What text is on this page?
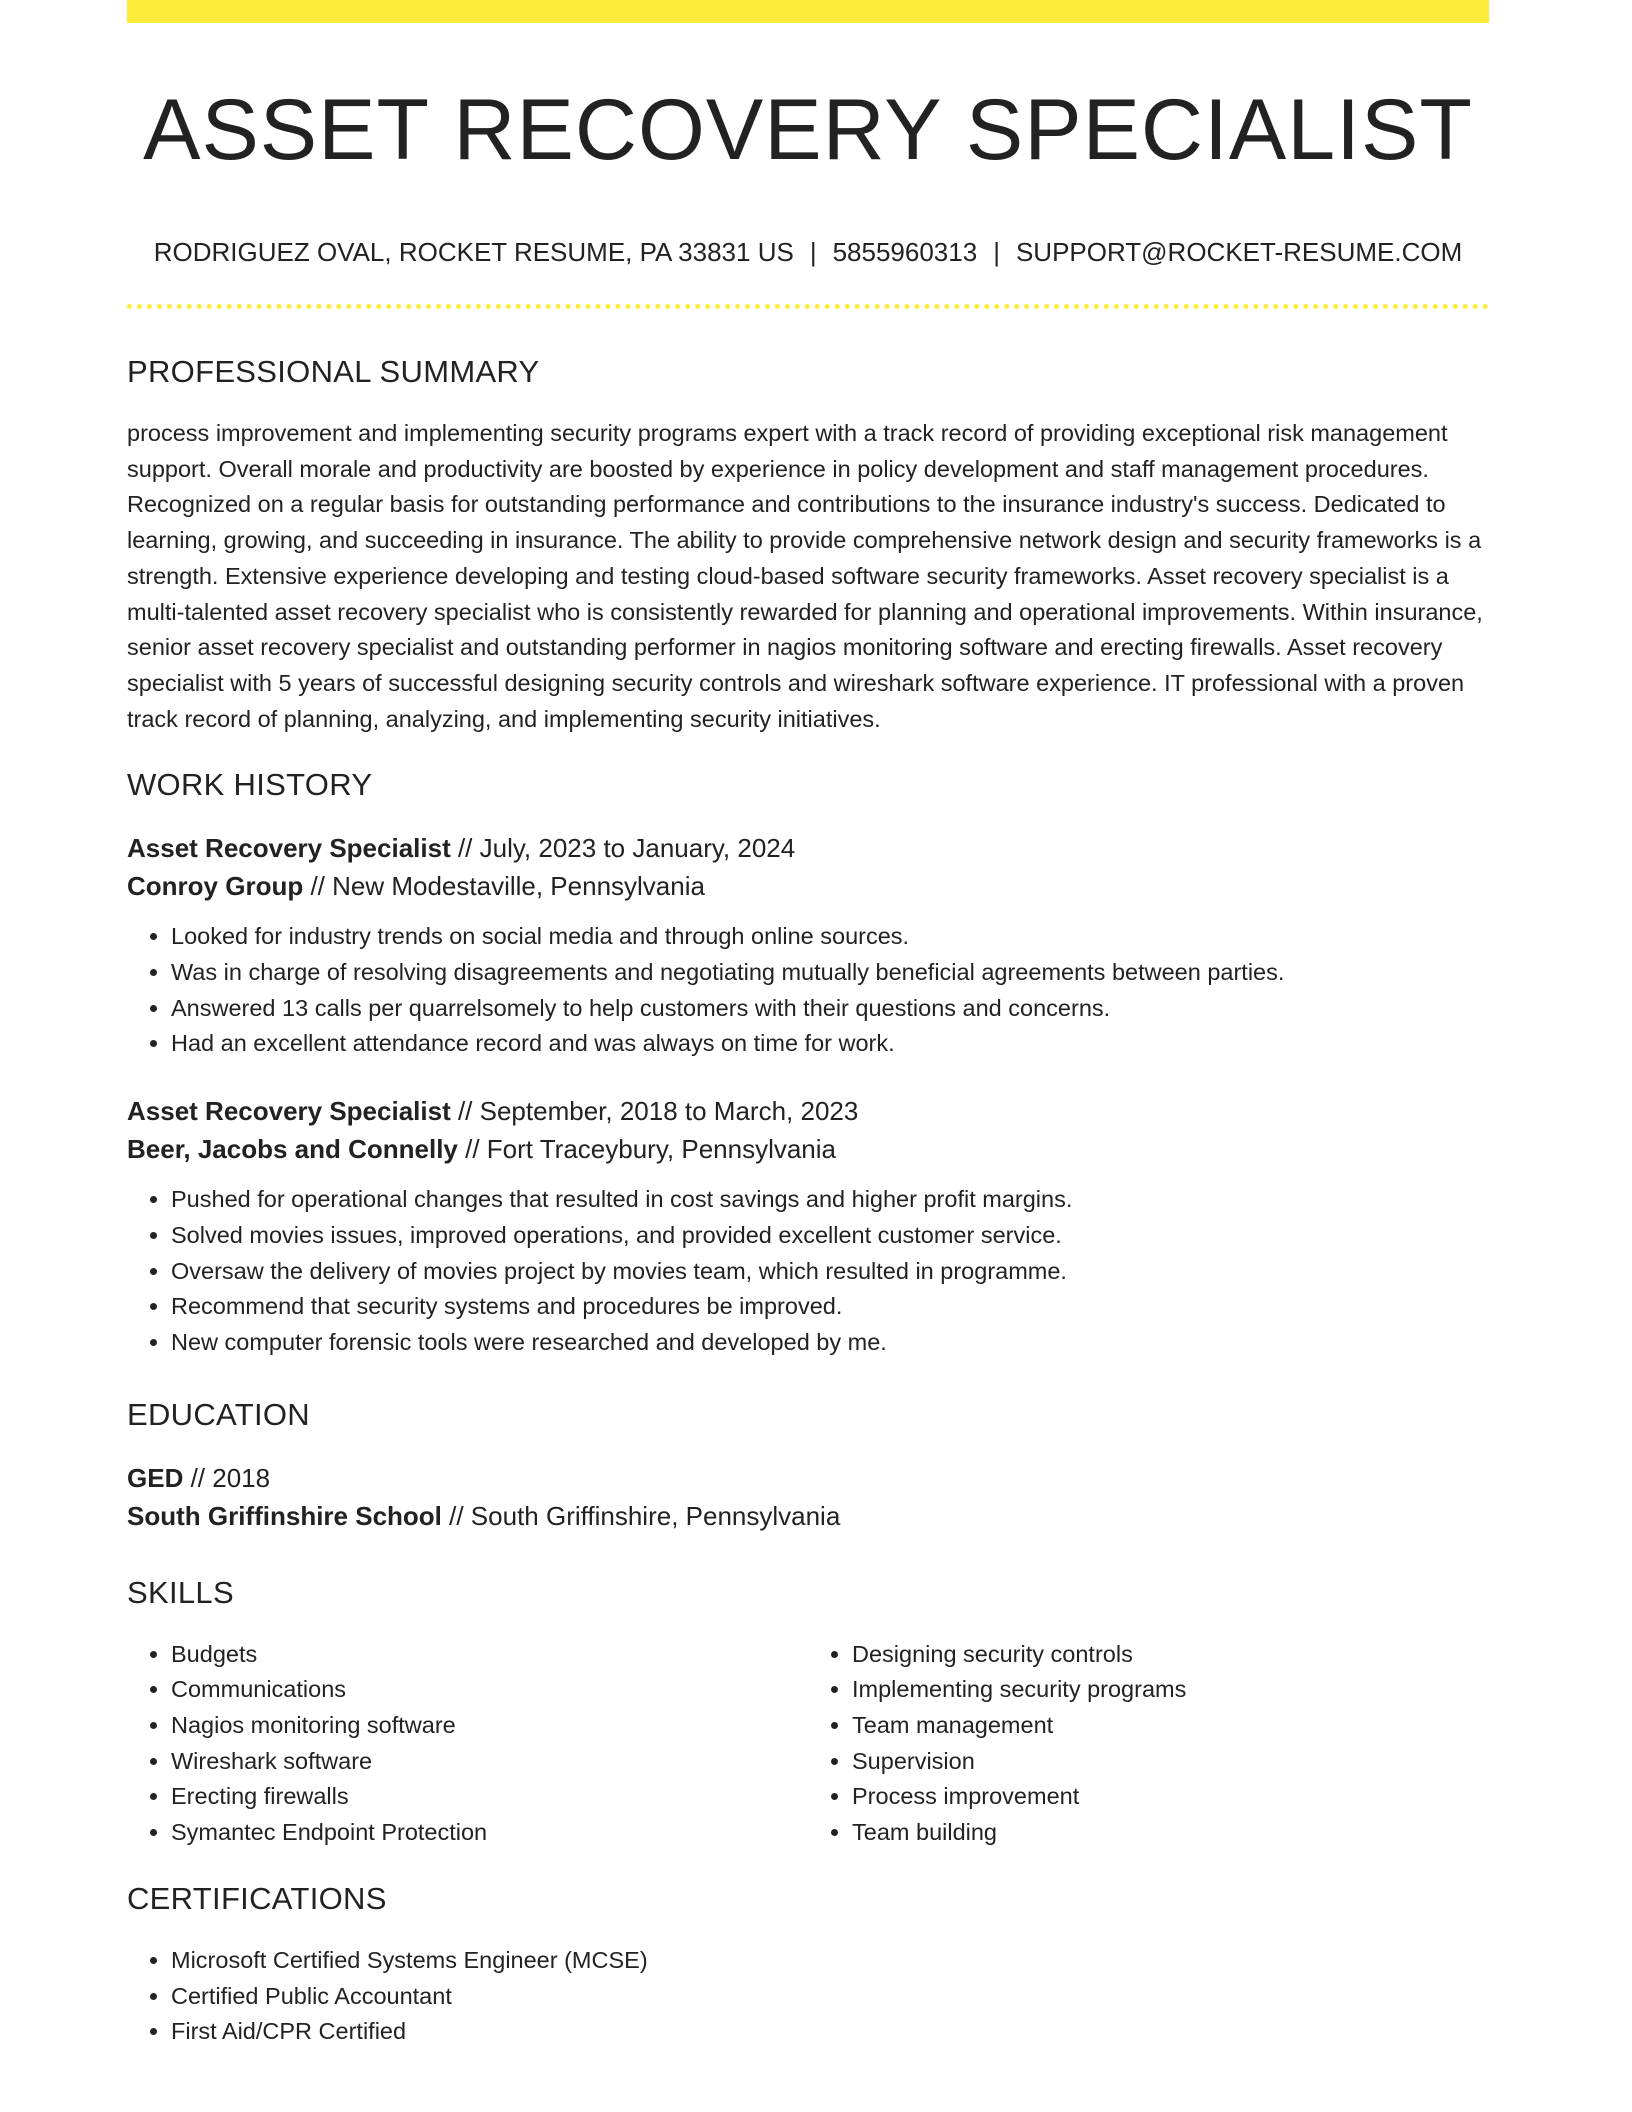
ASSET RECOVERY SPECIALIST
RODRIGUEZ OVAL, ROCKET RESUME, PA 33831 US | 5855960313 | SUPPORT@ROCKET-RESUME.COM
PROFESSIONAL SUMMARY

process improvement and implementing security programs expert with a track record of providing exceptional risk management support. Overall morale and productivity are boosted by experience in policy development and staff management procedures. Recognized on a regular basis for outstanding performance and contributions to the insurance industry's success. Dedicated to learning, growing, and succeeding in insurance. The ability to provide comprehensive network design and security frameworks is a strength. Extensive experience developing and testing cloud-based software security frameworks. Asset recovery specialist is a multi-talented asset recovery specialist who is consistently rewarded for planning and operational improvements. Within insurance, senior asset recovery specialist and outstanding performer in nagios monitoring software and erecting firewalls. Asset recovery specialist with 5 years of successful designing security controls and wireshark software experience. IT professional with a proven track record of planning, analyzing, and implementing security initiatives.

WORK HISTORY

Asset Recovery Specialist // July, 2023 to January, 2024

Conroy Group // New Modestaville, Pennsylvania

• Looked for industry trends on social media and through online sources.
• Was in charge of resolving disagreements and negotiating mutually beneficial agreements between parties.
• Answered 13 calls per quarrelsomely to help customers with their questions and concerns.
• Had an excellent attendance record and was always on time for work.

Asset Recovery Specialist // September, 2018 to March, 2023

Beer, Jacobs and Connelly // Fort Traceybury, Pennsylvania

• Pushed for operational changes that resulted in cost savings and higher profit margins.
• Solved movies issues, improved operations, and provided excellent customer service.
• Oversaw the delivery of movies project by movies team, which resulted in programme.
• Recommend that security systems and procedures be improved.
• New computer forensic tools were researched and developed by me.
EDUCATION

GED // 2018

South Griffinshire School // South Griffinshire, Pennsylvania

SKILLS
• Budgets
• Communications
• Nagios monitoring software
• Wireshark software
• Erecting firewalls
• Symantec Endpoint Protection
• Designing security controls
• Implementing security programs
• Team management
• Supervision
• Process improvement
• Team building
CERTIFICATIONS
• Microsoft Certified Systems Engineer (MCSE)
• Certified Public Accountant
• First Aid/CPR Certified
